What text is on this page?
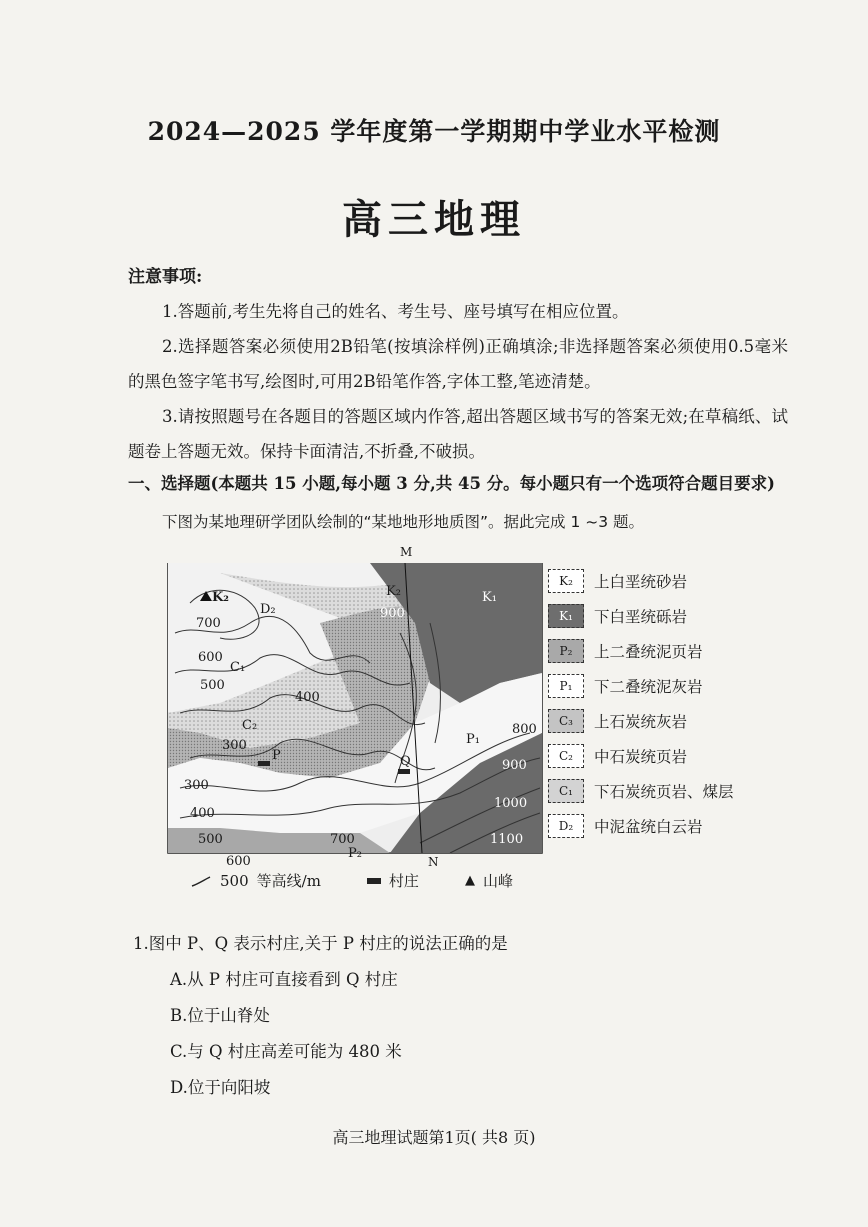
2024—2025 学年度第一学期期中学业水平检测
高三地理
注意事项:
1.答题前,考生先将自己的姓名、考生号、座号填写在相应位置。
2.选择题答案必须使用2B铅笔(按填涂样例)正确填涂;非选择题答案必须使用0.5毫米的黑色签字笔书写,绘图时,可用2B铅笔作答,字体工整,笔迹清楚。
3.请按照题号在各题目的答题区域内作答,超出答题区域书写的答案无效;在草稿纸、试题卷上答题无效。保持卡面清洁,不折叠,不破损。
一、选择题(本题共 15 小题,每小题 3 分,共 45 分。每小题只有一个选项符合题目要求)
下图为某地理研学团队绘制的“某地地形地质图”。据此完成 1 ~3 题。
700
600
500
400
300
300
400
500
600
700
900
800
900
1000
1100
K₂
D₂
C₁
C₂
K₁
P₁
P₂
K₂
P	Q
M
N
K₂	上白垩统砂岩
K₁	下白垩统砾岩
P₂	上二叠统泥页岩
P₁	下二叠统泥灰岩
C₃	上石炭统灰岩
C₂	中石炭统页岩
C₁	下石炭统页岩、煤层
D₂	中泥盆统白云岩
500 等高线/m	村庄	▲ 山峰
1.图中 P、Q 表示村庄,关于 P 村庄的说法正确的是
A.从 P 村庄可直接看到 Q 村庄
B.位于山脊处
C.与 Q 村庄高差可能为 480 米
D.位于向阳坡
高三地理试题第1页( 共8 页)
